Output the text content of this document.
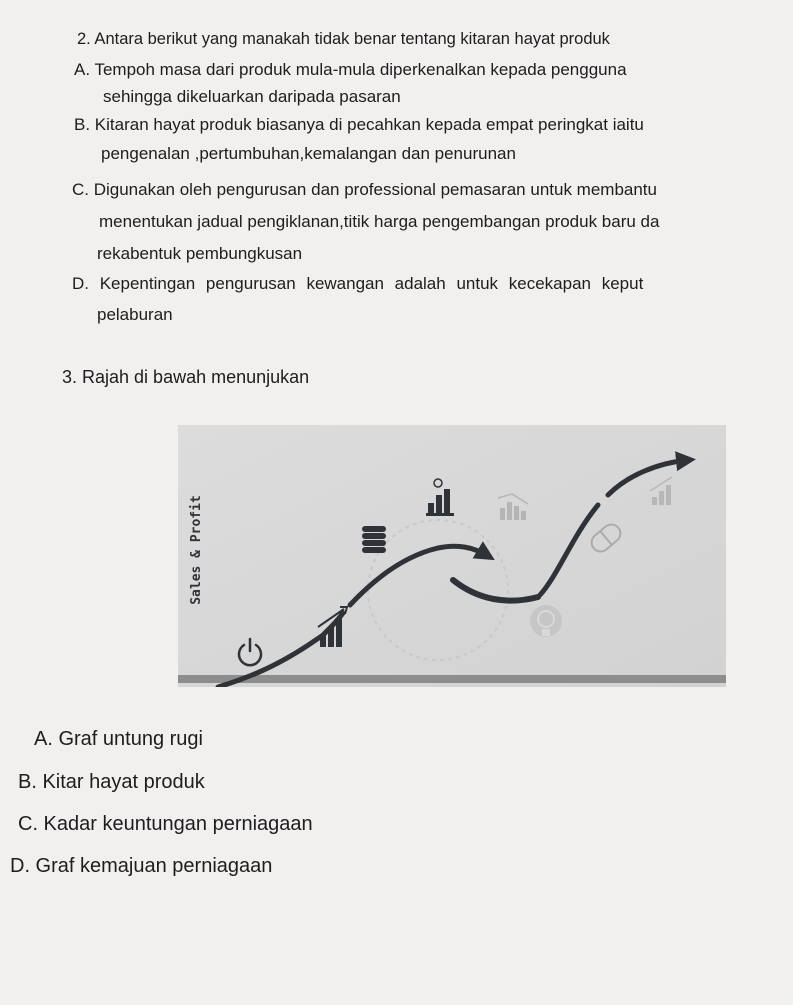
2. Antara berikut yang manakah tidak benar tentang kitaran hayat produk
A. Tempoh masa dari produk mula-mula diperkenalkan kepada pengguna
sehingga dikeluarkan daripada pasaran
B. Kitaran hayat produk biasanya di pecahkan kepada empat peringkat iaitu
pengenalan ,pertumbuhan,kemalangan dan penurunan
C. Digunakan oleh pengurusan dan professional pemasaran untuk membantu
menentukan jadual pengiklanan,titik harga pengembangan produk baru da
rekabentuk pembungkusan
D. Kepentingan pengurusan kewangan adalah untuk kecekapan keput
pelaburan
3. Rajah di bawah menunjukan
Sales & Profit
A. Graf untung rugi
B. Kitar hayat produk
C. Kadar keuntungan perniagaan
D. Graf kemajuan perniagaan
